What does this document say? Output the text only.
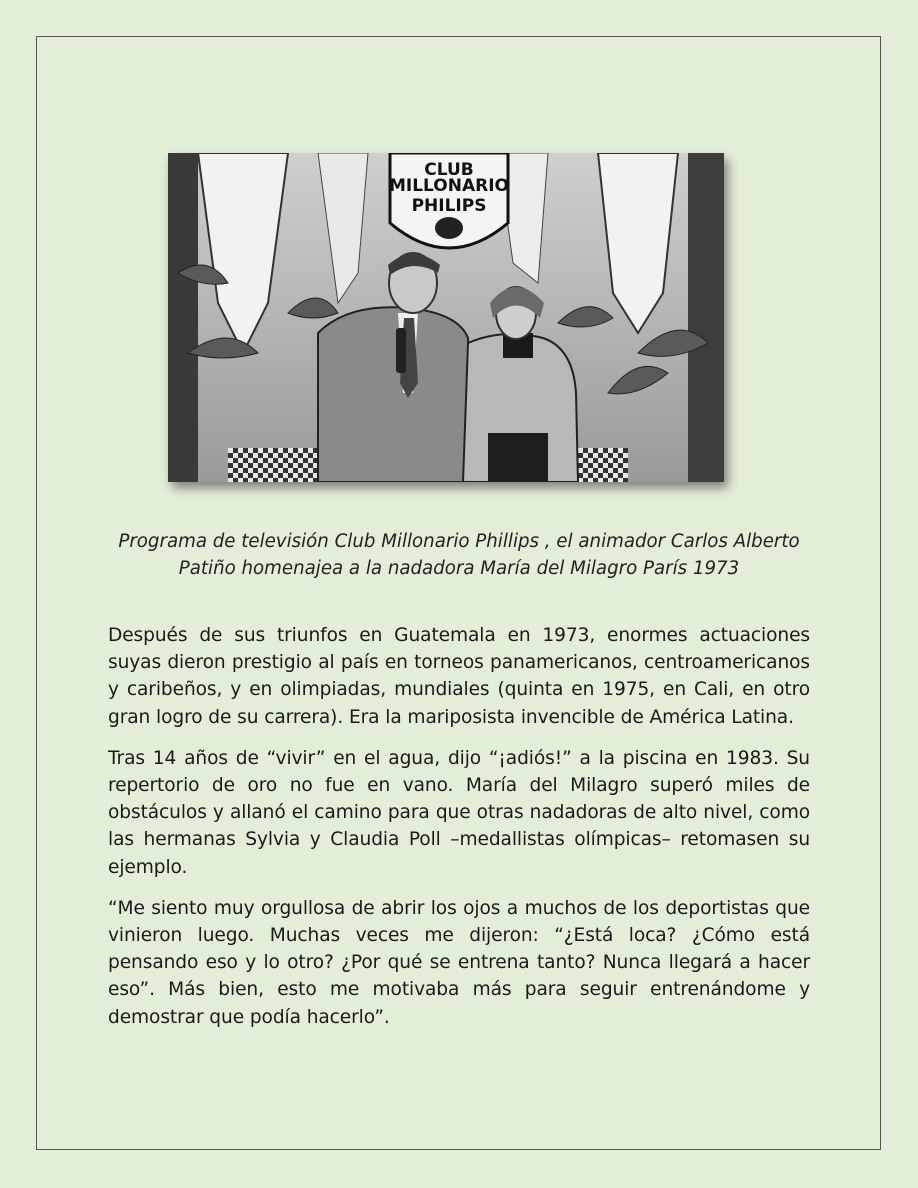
CLUB
MILLONARIO
PHILIPS
Programa de televisión Club Millonario Phillips , el animador Carlos Alberto Patiño homenajea a la nadadora María del Milagro París 1973

Después de sus triunfos en Guatemala en 1973, enormes actuaciones suyas dieron prestigio al país en torneos panamericanos, centroamericanos y caribeños, y en olimpiadas, mundiales (quinta en 1975, en Cali, en otro gran logro de su carrera). Era la mariposista invencible de América Latina.

Tras 14 años de “vivir” en el agua, dijo “¡adiós!” a la piscina en 1983. Su repertorio de oro no fue en vano. María del Milagro superó miles de obstáculos y allanó el camino para que otras nadadoras de alto nivel, como las hermanas Sylvia y Claudia Poll –medallistas olímpicas– retomasen su ejemplo.

“Me siento muy orgullosa de abrir los ojos a muchos de los deportistas que vinieron luego. Muchas veces me dijeron: “¿Está loca? ¿Cómo está pensando eso y lo otro? ¿Por qué se entrena tanto? Nunca llegará a hacer eso”. Más bien, esto me motivaba más para seguir entrenándome y demostrar que podía hacerlo”.
